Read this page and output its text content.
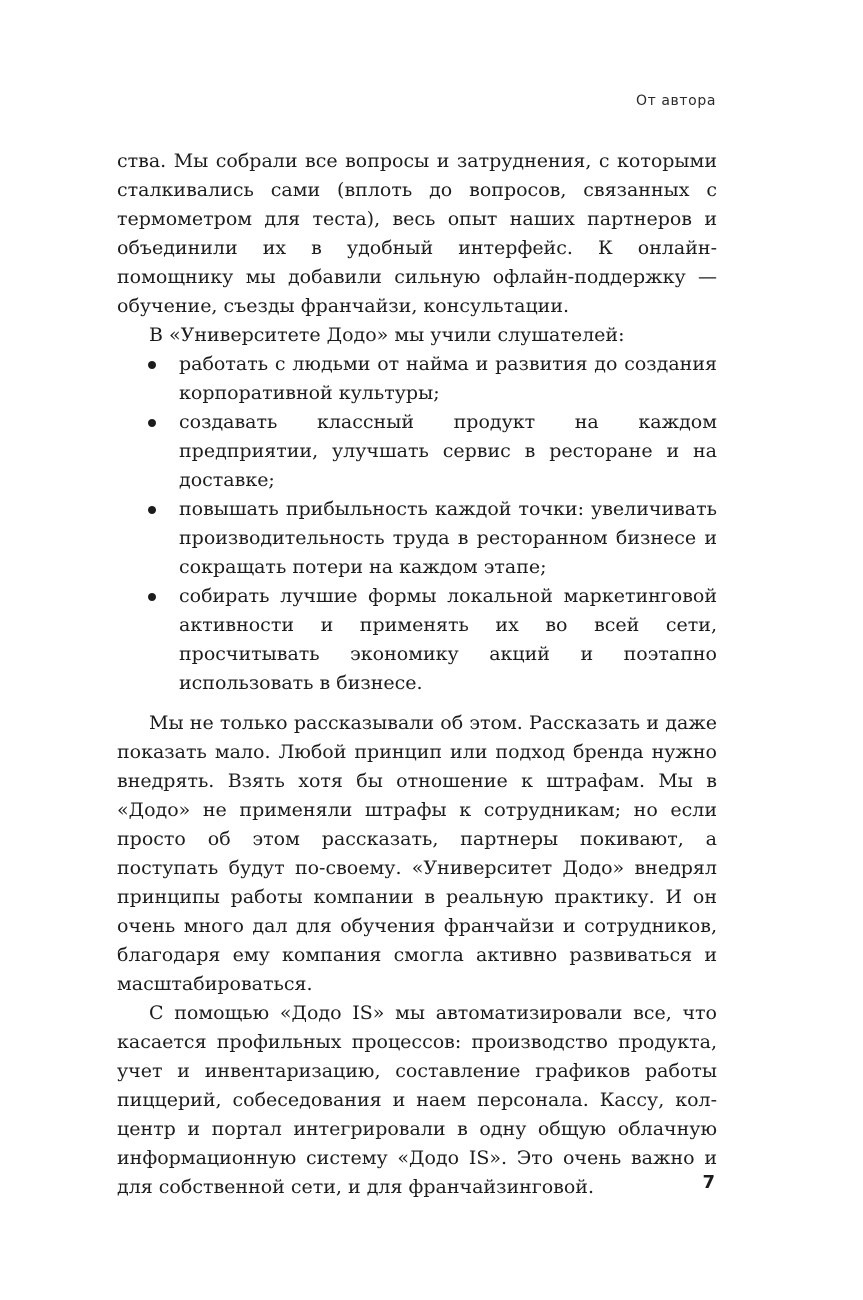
От автора

ства. Мы собрали все вопросы и затруднения, с которыми сталкивались сами (вплоть до вопросов, связанных с термометром для теста), весь опыт наших партнеров и объединили их в удобный интерфейс. К онлайн-помощнику мы добавили сильную офлайн-поддержку — обучение, съезды франчайзи, консультации.

В «Университете Додо» мы учили слушателей:

работать с людьми от найма и развития до создания корпоративной культуры;
создавать классный продукт на каждом предприятии, улучшать сервис в ресторане и на доставке;
повышать прибыльность каждой точки: увеличивать производительность труда в ресторанном бизнесе и сокращать потери на каждом этапе;
собирать лучшие формы локальной маркетинговой активности и применять их во всей сети, просчитывать экономику акций и поэтапно использовать в бизнесе.

Мы не только рассказывали об этом. Рассказать и даже показать мало. Любой принцип или подход бренда нужно внедрять. Взять хотя бы отношение к штрафам. Мы в «Додо» не применяли штрафы к сотрудникам; но если просто об этом рассказать, партнеры покивают, а поступать будут по-своему. «Университет Додо» внедрял принципы работы компании в реальную практику. И он очень много дал для обучения франчайзи и сотрудников, благодаря ему компания смогла активно развиваться и масштабироваться.

С помощью «Додо IS» мы автоматизировали все, что касается профильных процессов: производство продукта, учет и инвентаризацию, составление графиков работы пиццерий, собеседования и наем персонала. Кассу, кол-центр и портал интегрировали в одну общую облачную информационную систему «Додо IS». Это очень важно и для собственной сети, и для франчайзинговой.	7
